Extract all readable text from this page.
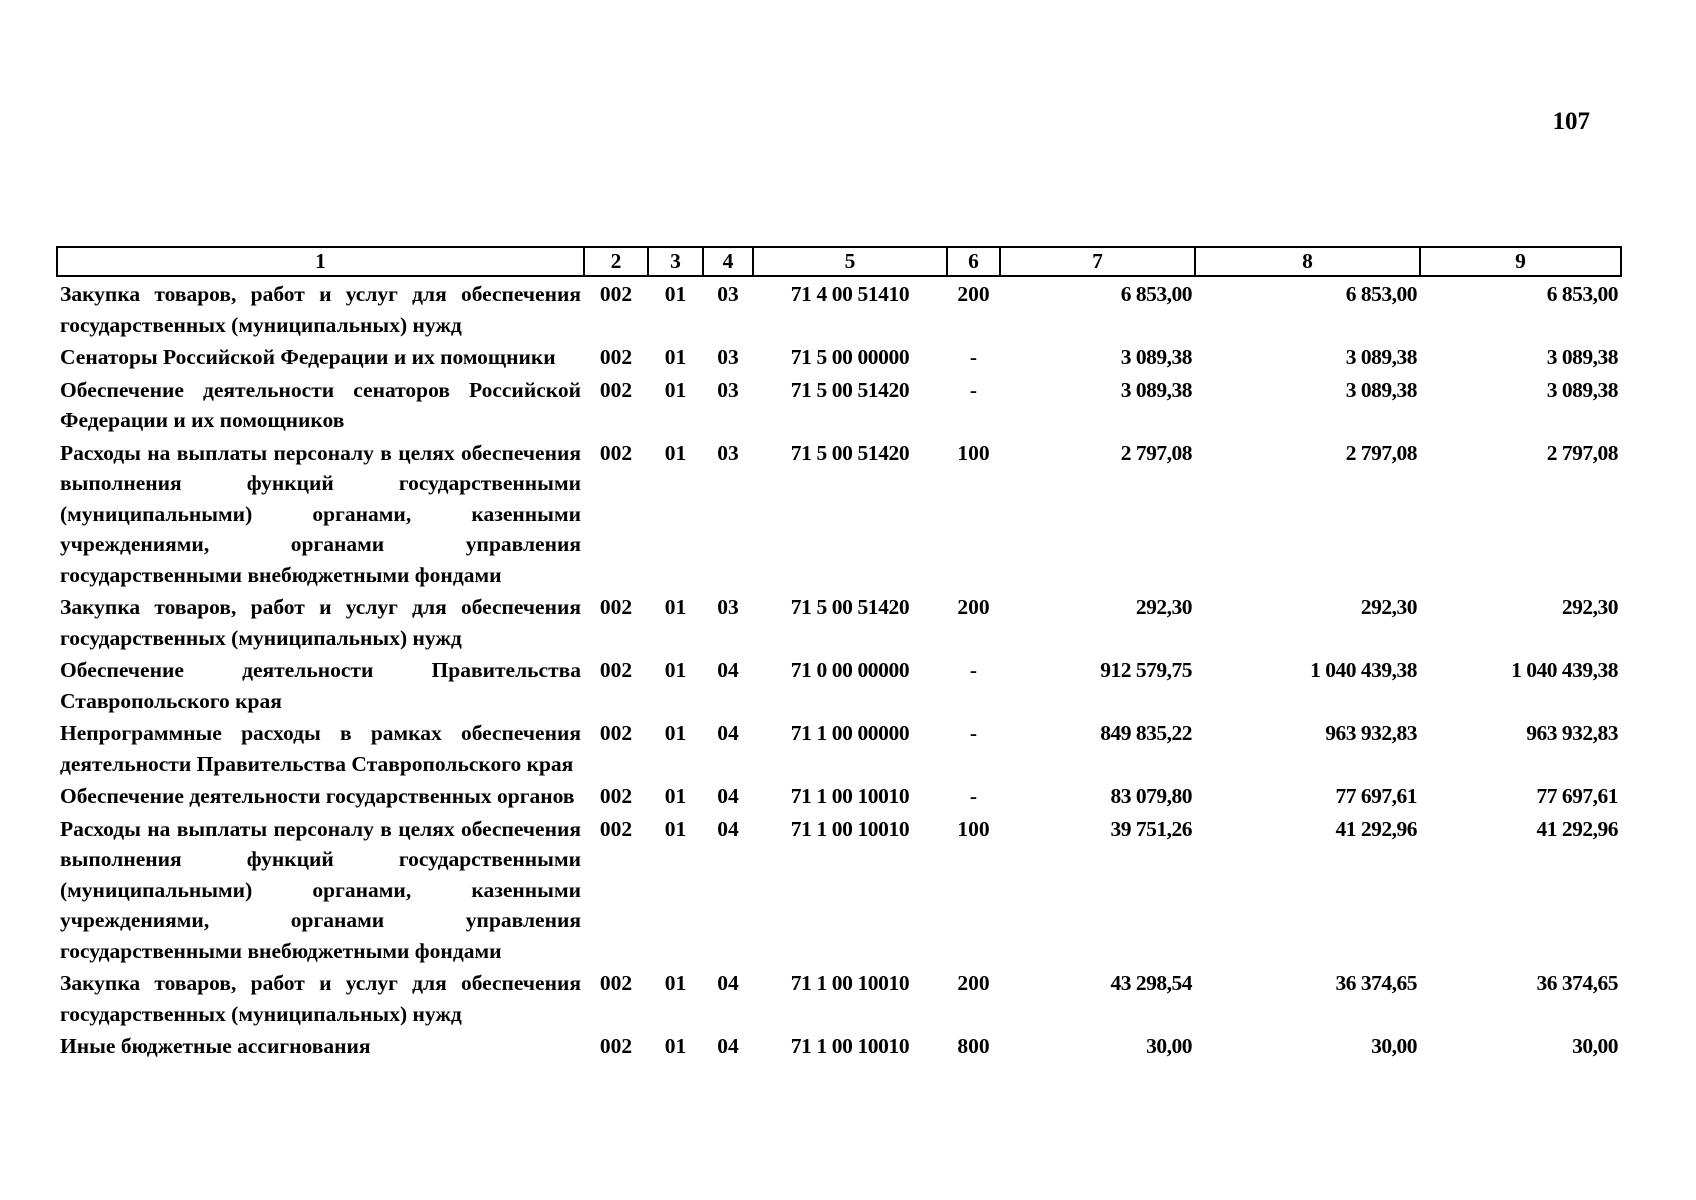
107
1	2	3	4	5	6	7	8	9
Закупка товаров, работ и услуг для обеспечения государственных (муниципальных) нужд	002	01	03	71 4 00 51410	200	6 853,00	6 853,00	6 853,00
Сенаторы Российской Федерации и их помощники	002	01	03	71 5 00 00000	-	3 089,38	3 089,38	3 089,38
Обеспечение деятельности сенаторов Российской Федерации и их помощников	002	01	03	71 5 00 51420	-	3 089,38	3 089,38	3 089,38
Расходы на выплаты персоналу в целях обеспечения выполнения функций государственными (муниципальными) органами, казенными учреждениями, органами управления государственными внебюджетными фондами	002	01	03	71 5 00 51420	100	2 797,08	2 797,08	2 797,08
Закупка товаров, работ и услуг для обеспечения государственных (муниципальных) нужд	002	01	03	71 5 00 51420	200	292,30	292,30	292,30
Обеспечение деятельности Правительства Ставропольского края	002	01	04	71 0 00 00000	-	912 579,75	1 040 439,38	1 040 439,38
Непрограммные расходы в рамках обеспечения деятельности Правительства Ставропольского края	002	01	04	71 1 00 00000	-	849 835,22	963 932,83	963 932,83
Обеспечение деятельности государственных органов	002	01	04	71 1 00 10010	-	83 079,80	77 697,61	77 697,61
Расходы на выплаты персоналу в целях обеспечения выполнения функций государственными (муниципальными) органами, казенными учреждениями, органами управления государственными внебюджетными фондами	002	01	04	71 1 00 10010	100	39 751,26	41 292,96	41 292,96
Закупка товаров, работ и услуг для обеспечения государственных (муниципальных) нужд	002	01	04	71 1 00 10010	200	43 298,54	36 374,65	36 374,65
Иные бюджетные ассигнования	002	01	04	71 1 00 10010	800	30,00	30,00	30,00
